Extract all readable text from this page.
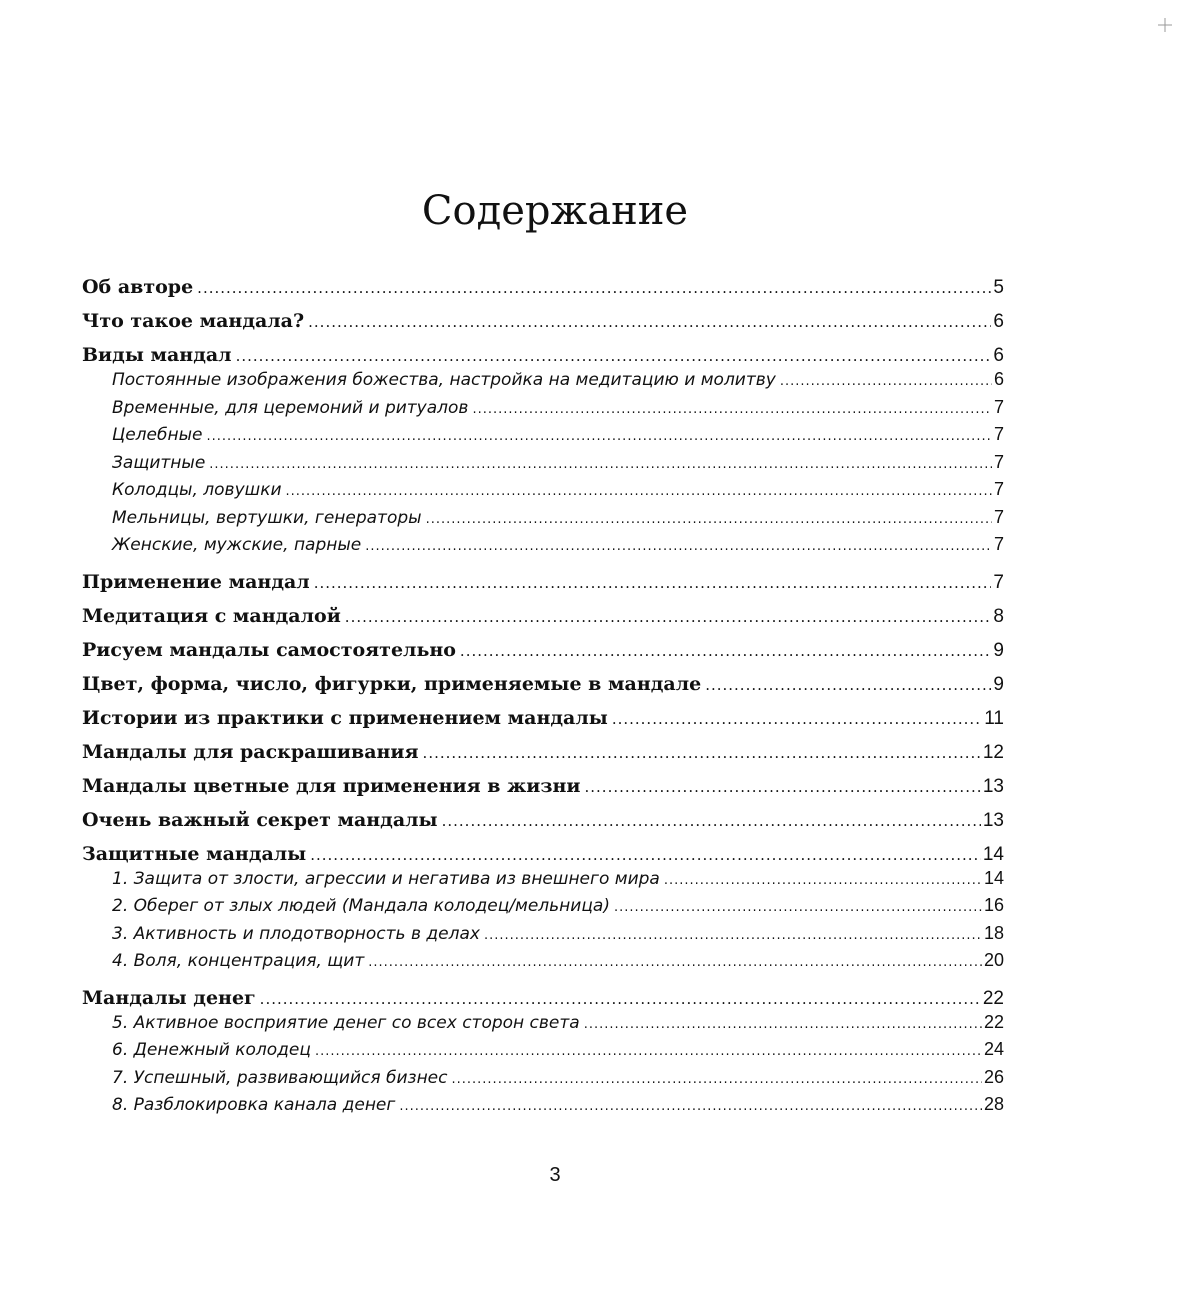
Содержание
Об авторе .....	5
Что такое мандала? .....	6
Виды мандал .....	6
Постоянные изображения божества, настройка на медитацию и молитву .....	6
Временные, для церемоний и ритуалов .....	7
Целебные .....	7
Защитные .....	7
Колодцы, ловушки .....	7
Мельницы, вертушки, генераторы .....	7
Женские, мужские, парные .....	7
Применение мандал .....	7
Медитация с мандалой .....	8
Рисуем мандалы самостоятельно .....	9
Цвет, форма, число, фигурки, применяемые в мандале .....	9
Истории из практики с применением мандалы .....	11
Мандалы для раскрашивания .....	12
Мандалы цветные для применения в жизни .....	13
Очень важный секрет мандалы .....	13
Защитные мандалы .....	14
1. Защита от злости, агрессии и негатива из внешнего мира .....	14
2. Оберег от злых людей (Мандала колодец/мельница) .....	16
3. Активность и плодотворность в делах .....	18
4. Воля, концентрация, щит .....	20
Мандалы денег .....	22
5. Активное восприятие денег со всех сторон света .....	22
6. Денежный колодец .....	24
7. Успешный, развивающийся бизнес .....	26
8. Разблокировка канала денег .....	28
3
